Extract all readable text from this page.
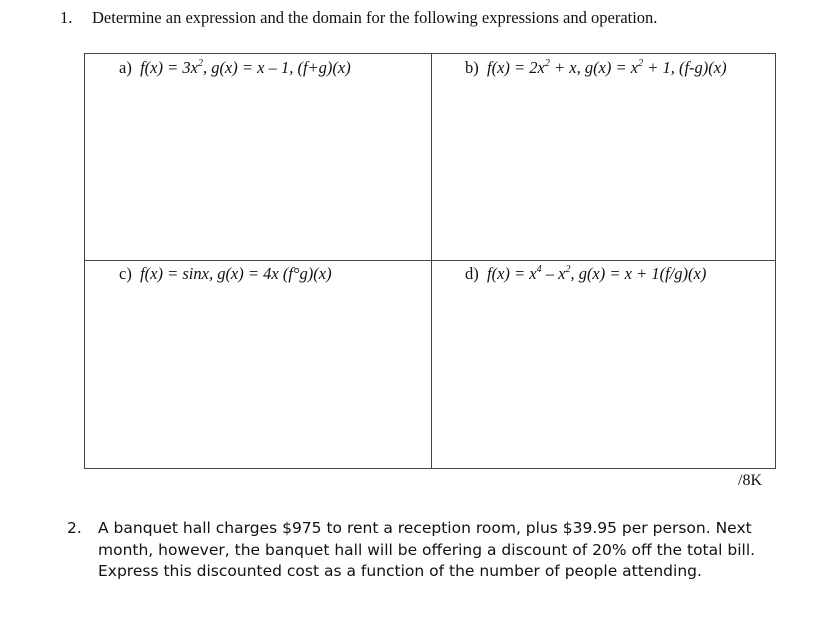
1. Determine an expression and the domain for the following expressions and operation.
a) $f(x) = 3x^2$, g(x) = x – 1, (f+g)(x)	b) $f(x) = 2x^2 + x$, $g(x) = x^2 + 1$, (f-g)(x)
c) f(x) = sinx, g(x) = 4x (f°g)(x)	d) $f(x) = x^4 - x^2$, g(x) = x + 1(f/g)(x)
/8K
2. A banquet hall charges $975 to rent a reception room, plus $39.95 per person. Next
month, however, the banquet hall will be offering a discount of 20% off the total bill.
Express this discounted cost as a function of the number of people attending.
